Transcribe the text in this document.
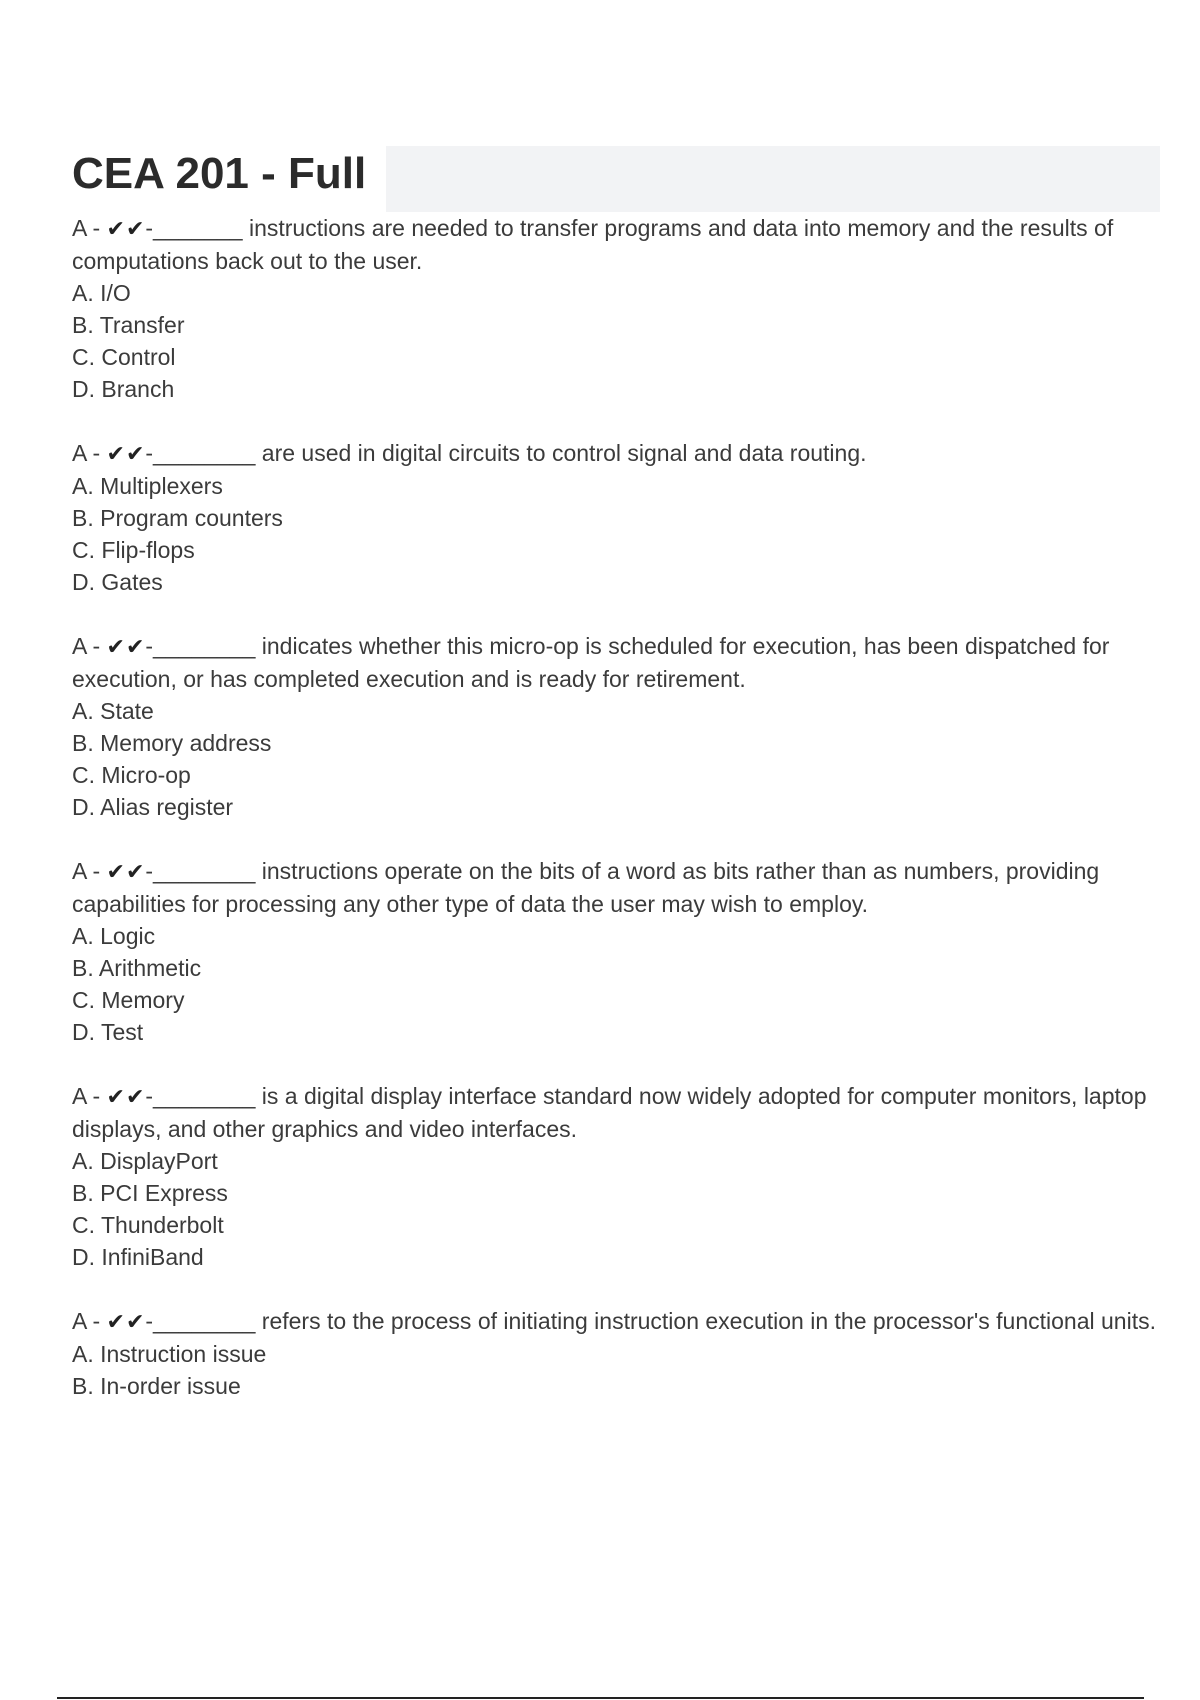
CEA 201 - Full

A - ✔✔-_______ instructions are needed to transfer programs and data into memory and the results of computations back out to the user.

A. I/O

B. Transfer

C. Control

D. Branch

A - ✔✔-________ are used in digital circuits to control signal and data routing.

A. Multiplexers

B. Program counters

C. Flip-flops

D. Gates

A - ✔✔-________ indicates whether this micro-op is scheduled for execution, has been dispatched for execution, or has completed execution and is ready for retirement.

A. State

B. Memory address

C. Micro-op

D. Alias register

A - ✔✔-________ instructions operate on the bits of a word as bits rather than as numbers, providing capabilities for processing any other type of data the user may wish to employ.

A. Logic

B. Arithmetic

C. Memory

D. Test

A - ✔✔-________ is a digital display interface standard now widely adopted for computer monitors, laptop displays, and other graphics and video interfaces.

A. DisplayPort

B. PCI Express

C. Thunderbolt

D. InfiniBand

A - ✔✔-________ refers to the process of initiating instruction execution in the processor's functional units.

A. Instruction issue

B. In-order issue
